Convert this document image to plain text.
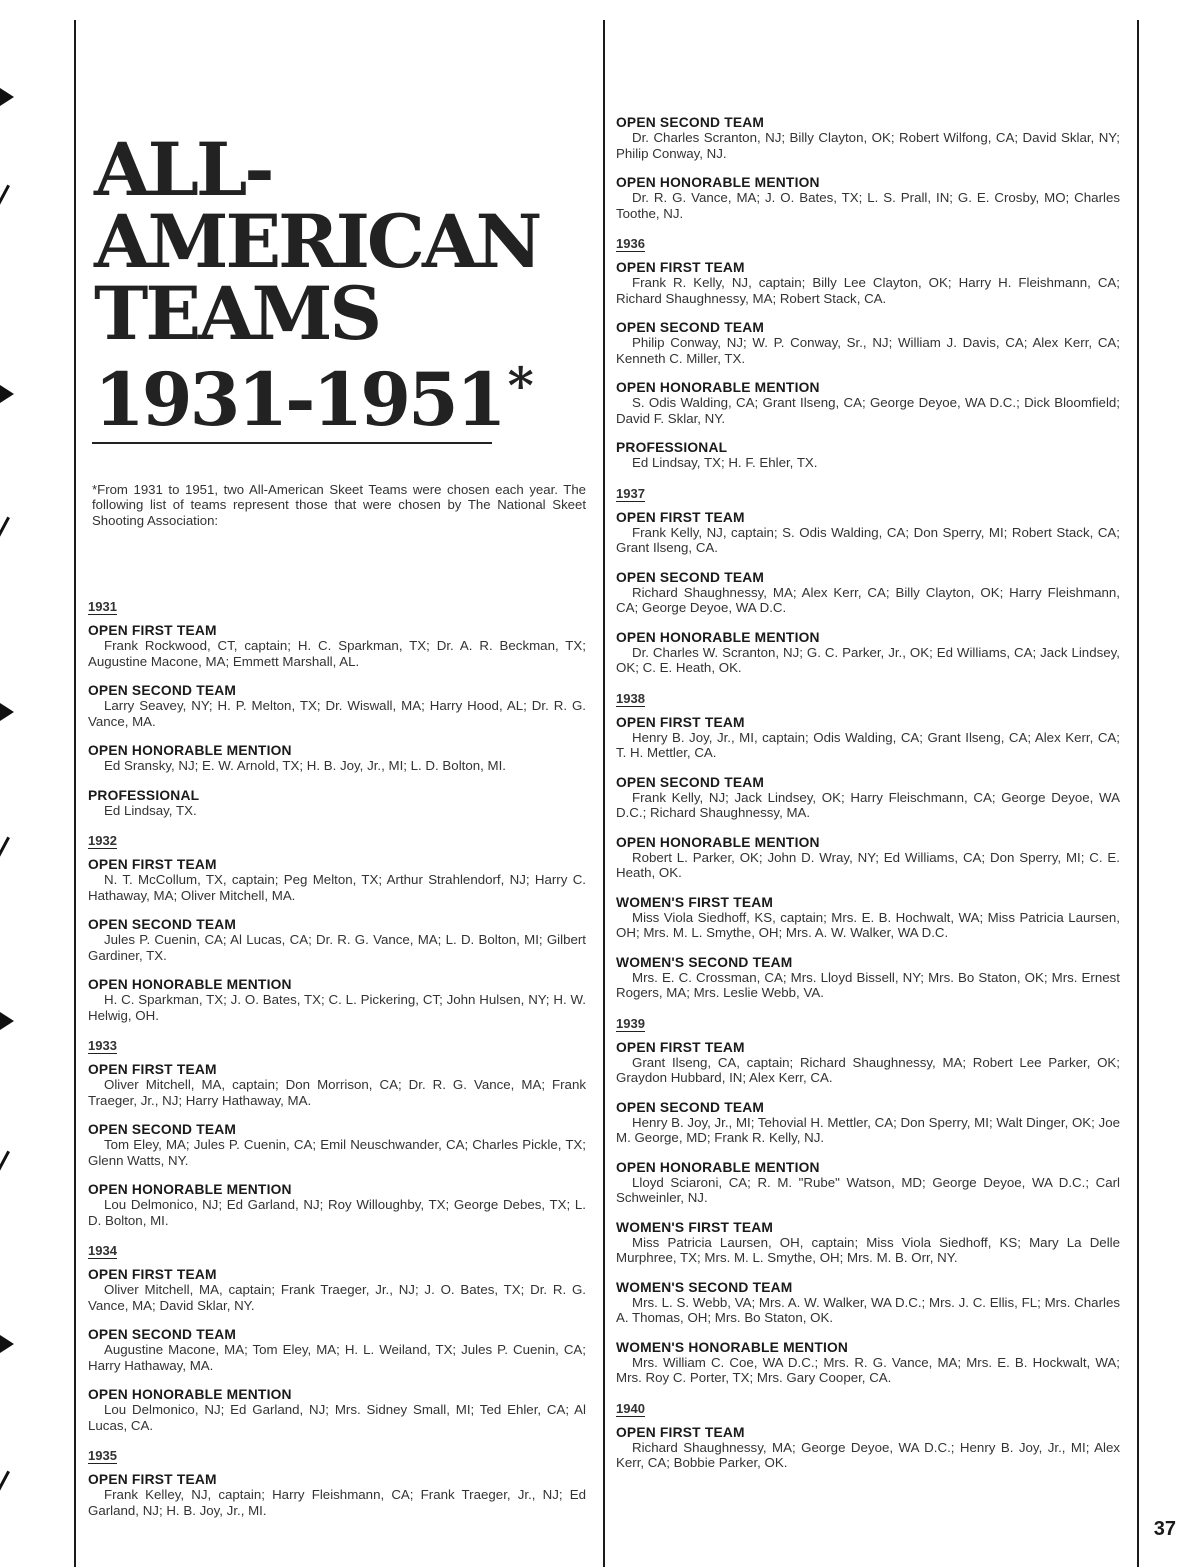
ALL-
AMERICAN
TEAMS
1931-1951*

*From 1931 to 1951, two All-American Skeet Teams were chosen each year. The following list of teams represent those that were chosen by The National Skeet Shooting Association:

1931
OPEN FIRST TEAM
Frank Rockwood, CT, captain; H. C. Sparkman, TX; Dr. A. R. Beckman, TX; Augustine Macone, MA; Emmett Marshall, AL.
OPEN SECOND TEAM
Larry Seavey, NY; H. P. Melton, TX; Dr. Wiswall, MA; Harry Hood, AL; Dr. R. G. Vance, MA.
OPEN HONORABLE MENTION
Ed Sransky, NJ; E. W. Arnold, TX; H. B. Joy, Jr., MI; L. D. Bolton, MI.
PROFESSIONAL
Ed Lindsay, TX.
1932
OPEN FIRST TEAM
N. T. McCollum, TX, captain; Peg Melton, TX; Arthur Strahlendorf, NJ; Harry C. Hathaway, MA; Oliver Mitchell, MA.
OPEN SECOND TEAM
Jules P. Cuenin, CA; Al Lucas, CA; Dr. R. G. Vance, MA; L. D. Bolton, MI; Gilbert Gardiner, TX.
OPEN HONORABLE MENTION
H. C. Sparkman, TX; J. O. Bates, TX; C. L. Pickering, CT; John Hulsen, NY; H. W. Helwig, OH.
1933
OPEN FIRST TEAM
Oliver Mitchell, MA, captain; Don Morrison, CA; Dr. R. G. Vance, MA; Frank Traeger, Jr., NJ; Harry Hathaway, MA.
OPEN SECOND TEAM
Tom Eley, MA; Jules P. Cuenin, CA; Emil Neuschwander, CA; Charles Pickle, TX; Glenn Watts, NY.
OPEN HONORABLE MENTION
Lou Delmonico, NJ; Ed Garland, NJ; Roy Willoughby, TX; George Debes, TX; L. D. Bolton, MI.
1934
OPEN FIRST TEAM
Oliver Mitchell, MA, captain; Frank Traeger, Jr., NJ; J. O. Bates, TX; Dr. R. G. Vance, MA; David Sklar, NY.
OPEN SECOND TEAM
Augustine Macone, MA; Tom Eley, MA; H. L. Weiland, TX; Jules P. Cuenin, CA; Harry Hathaway, MA.
OPEN HONORABLE MENTION
Lou Delmonico, NJ; Ed Garland, NJ; Mrs. Sidney Small, MI; Ted Ehler, CA; Al Lucas, CA.
1935
OPEN FIRST TEAM
Frank Kelley, NJ, captain; Harry Fleishmann, CA; Frank Traeger, Jr., NJ; Ed Garland, NJ; H. B. Joy, Jr., MI.
OPEN SECOND TEAM
Dr. Charles Scranton, NJ; Billy Clayton, OK; Robert Wilfong, CA; David Sklar, NY; Philip Conway, NJ.
OPEN HONORABLE MENTION
Dr. R. G. Vance, MA; J. O. Bates, TX; L. S. Prall, IN; G. E. Crosby, MO; Charles Toothe, NJ.
1936
OPEN FIRST TEAM
Frank R. Kelly, NJ, captain; Billy Lee Clayton, OK; Harry H. Fleishmann, CA; Richard Shaughnessy, MA; Robert Stack, CA.
OPEN SECOND TEAM
Philip Conway, NJ; W. P. Conway, Sr., NJ; William J. Davis, CA; Alex Kerr, CA; Kenneth C. Miller, TX.
OPEN HONORABLE MENTION
S. Odis Walding, CA; Grant Ilseng, CA; George Deyoe, WA D.C.; Dick Bloomfield; David F. Sklar, NY.
PROFESSIONAL
Ed Lindsay, TX; H. F. Ehler, TX.
1937
OPEN FIRST TEAM
Frank Kelly, NJ, captain; S. Odis Walding, CA; Don Sperry, MI; Robert Stack, CA; Grant Ilseng, CA.
OPEN SECOND TEAM
Richard Shaughnessy, MA; Alex Kerr, CA; Billy Clayton, OK; Harry Fleishmann, CA; George Deyoe, WA D.C.
OPEN HONORABLE MENTION
Dr. Charles W. Scranton, NJ; G. C. Parker, Jr., OK; Ed Williams, CA; Jack Lindsey, OK; C. E. Heath, OK.
1938
OPEN FIRST TEAM
Henry B. Joy, Jr., MI, captain; Odis Walding, CA; Grant Ilseng, CA; Alex Kerr, CA; T. H. Mettler, CA.
OPEN SECOND TEAM
Frank Kelly, NJ; Jack Lindsey, OK; Harry Fleischmann, CA; George Deyoe, WA D.C.; Richard Shaughnessy, MA.
OPEN HONORABLE MENTION
Robert L. Parker, OK; John D. Wray, NY; Ed Williams, CA; Don Sperry, MI; C. E. Heath, OK.
WOMEN'S FIRST TEAM
Miss Viola Siedhoff, KS, captain; Mrs. E. B. Hochwalt, WA; Miss Patricia Laursen, OH; Mrs. M. L. Smythe, OH; Mrs. A. W. Walker, WA D.C.
WOMEN'S SECOND TEAM
Mrs. E. C. Crossman, CA; Mrs. Lloyd Bissell, NY; Mrs. Bo Staton, OK; Mrs. Ernest Rogers, MA; Mrs. Leslie Webb, VA.
1939
OPEN FIRST TEAM
Grant Ilseng, CA, captain; Richard Shaughnessy, MA; Robert Lee Parker, OK; Graydon Hubbard, IN; Alex Kerr, CA.
OPEN SECOND TEAM
Henry B. Joy, Jr., MI; Tehovial H. Mettler, CA; Don Sperry, MI; Walt Dinger, OK; Joe M. George, MD; Frank R. Kelly, NJ.
OPEN HONORABLE MENTION
Lloyd Sciaroni, CA; R. M. "Rube" Watson, MD; George Deyoe, WA D.C.; Carl Schweinler, NJ.
WOMEN'S FIRST TEAM
Miss Patricia Laursen, OH, captain; Miss Viola Siedhoff, KS; Mary La Delle Murphree, TX; Mrs. M. L. Smythe, OH; Mrs. M. B. Orr, NY.
WOMEN'S SECOND TEAM
Mrs. L. S. Webb, VA; Mrs. A. W. Walker, WA D.C.; Mrs. J. C. Ellis, FL; Mrs. Charles A. Thomas, OH; Mrs. Bo Staton, OK.
WOMEN'S HONORABLE MENTION
Mrs. William C. Coe, WA D.C.; Mrs. R. G. Vance, MA; Mrs. E. B. Hockwalt, WA; Mrs. Roy C. Porter, TX; Mrs. Gary Cooper, CA.
1940
OPEN FIRST TEAM
Richard Shaughnessy, MA; George Deyoe, WA D.C.; Henry B. Joy, Jr., MI; Alex Kerr, CA; Bobbie Parker, OK.
37
